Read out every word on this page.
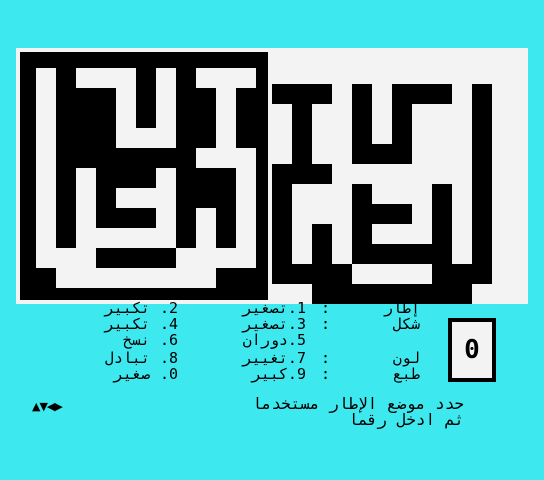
إطار
:
1.تصغير
2.
تكبير
شكل
:
3.تصغير
4.
تكبير
5.دوران
6.
نسخ
لون
:
7.تغيير
8.
تبادل
طبع
:
9.كبير
0.
صغير
0
حدد موضع الإطار مستخدما
ثم ادخل رقما
▲▼◀▶
